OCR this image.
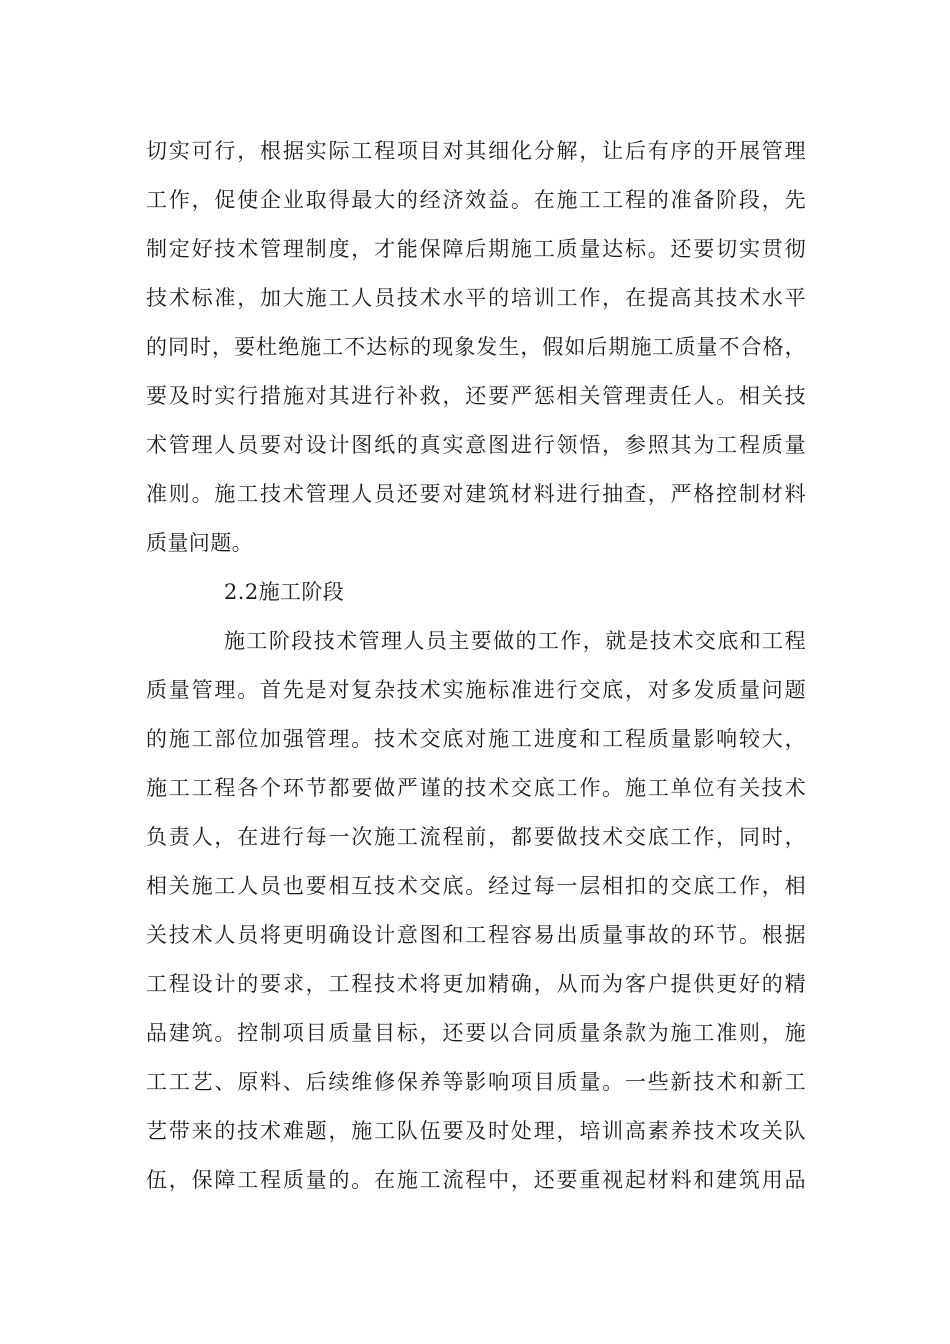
切实可行，根据实际工程项目对其细化分解，让后有序的开展管理
工作，促使企业取得最大的经济效益。在施工工程的准备阶段，先
制定好技术管理制度，才能保障后期施工质量达标。还要切实贯彻
技术标准，加大施工人员技术水平的培训工作，在提高其技术水平
的同时，要杜绝施工不达标的现象发生，假如后期施工质量不合格，
要及时实行措施对其进行补救，还要严惩相关管理责任人。相关技
术管理人员要对设计图纸的真实意图进行领悟，参照其为工程质量
准则。施工技术管理人员还要对建筑材料进行抽查，严格控制材料
质量问题。
2.2施工阶段
施工阶段技术管理人员主要做的工作，就是技术交底和工程
质量管理。首先是对复杂技术实施标准进行交底，对多发质量问题
的施工部位加强管理。技术交底对施工进度和工程质量影响较大，
施工工程各个环节都要做严谨的技术交底工作。施工单位有关技术
负责人，在进行每一次施工流程前，都要做技术交底工作，同时，
相关施工人员也要相互技术交底。经过每一层相扣的交底工作，相
关技术人员将更明确设计意图和工程容易出质量事故的环节。根据
工程设计的要求，工程技术将更加精确，从而为客户提供更好的精
品建筑。控制项目质量目标，还要以合同质量条款为施工准则，施
工工艺、原料、后续维修保养等影响项目质量。一些新技术和新工
艺带来的技术难题，施工队伍要及时处理，培训高素养技术攻关队
伍，保障工程质量的。在施工流程中，还要重视起材料和建筑用品
